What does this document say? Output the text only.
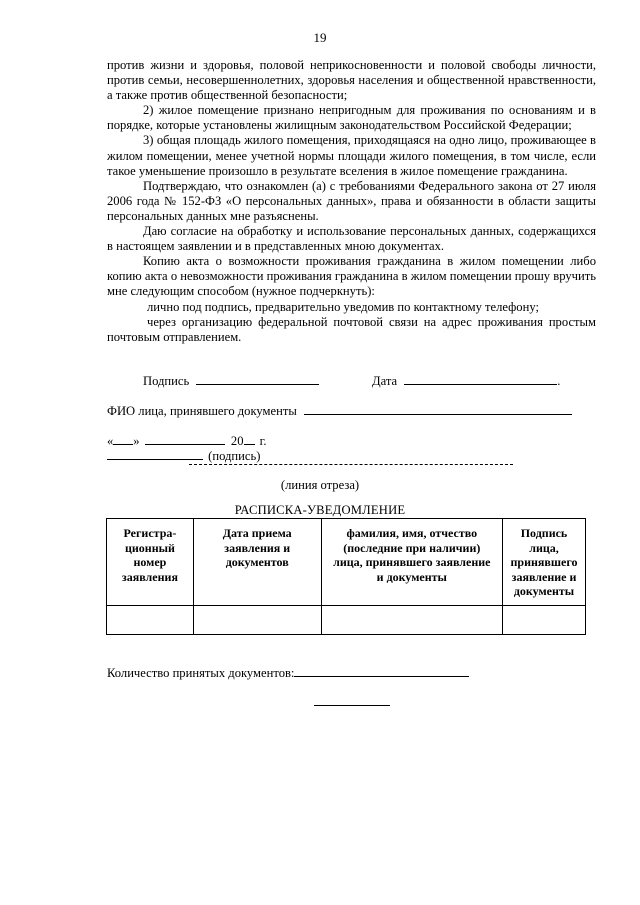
19

против жизни и здоровья, половой неприкосновенности и половой свободы личности, против семьи, несовершеннолетних, здоровья населения и общественной нравственности, а также против общественной безопасности;

2) жилое помещение признано непригодным для проживания по основаниям и в порядке, которые установлены жилищным законодательством Российской Федерации;

3) общая площадь жилого помещения, приходящаяся на одно лицо, проживающее в жилом помещении, менее учетной нормы площади жилого помещения, в том числе, если такое уменьшение произошло в результате вселения в жилое помещение гражданина.

Подтверждаю, что ознакомлен (а) с требованиями Федерального закона от 27 июля 2006 года № 152-ФЗ «О персональных данных», права и обязанности в области защиты персональных данных мне разъяснены.

Даю согласие на обработку и использование персональных данных, содержащихся в настоящем заявлении и в представленных мною документах.

Копию акта о возможности проживания гражданина в жилом помещении либо копию акта о невозможности проживания гражданина в жилом помещении прошу вручить мне следующим способом (нужное подчеркнуть):

лично под подпись, предварительно уведомив по контактному телефону;

через организацию федеральной почтовой связи на адрес проживания простым почтовым отправлением.

Подпись	Дата	.
ФИО лица, принявшего документы
« »	20 г.
(подпись)
(линия отреза)
РАСПИСКА-УВЕДОМЛЕНИЕ
Регистра-
ционный
номер
заявления	Дата приема
заявления и
документов	фамилия, имя, отчество
(последние при наличии)
лица, принявшего заявление
и документы	Подпись
лица,
принявшего
заявление и
документы

Количество принятых документов:
